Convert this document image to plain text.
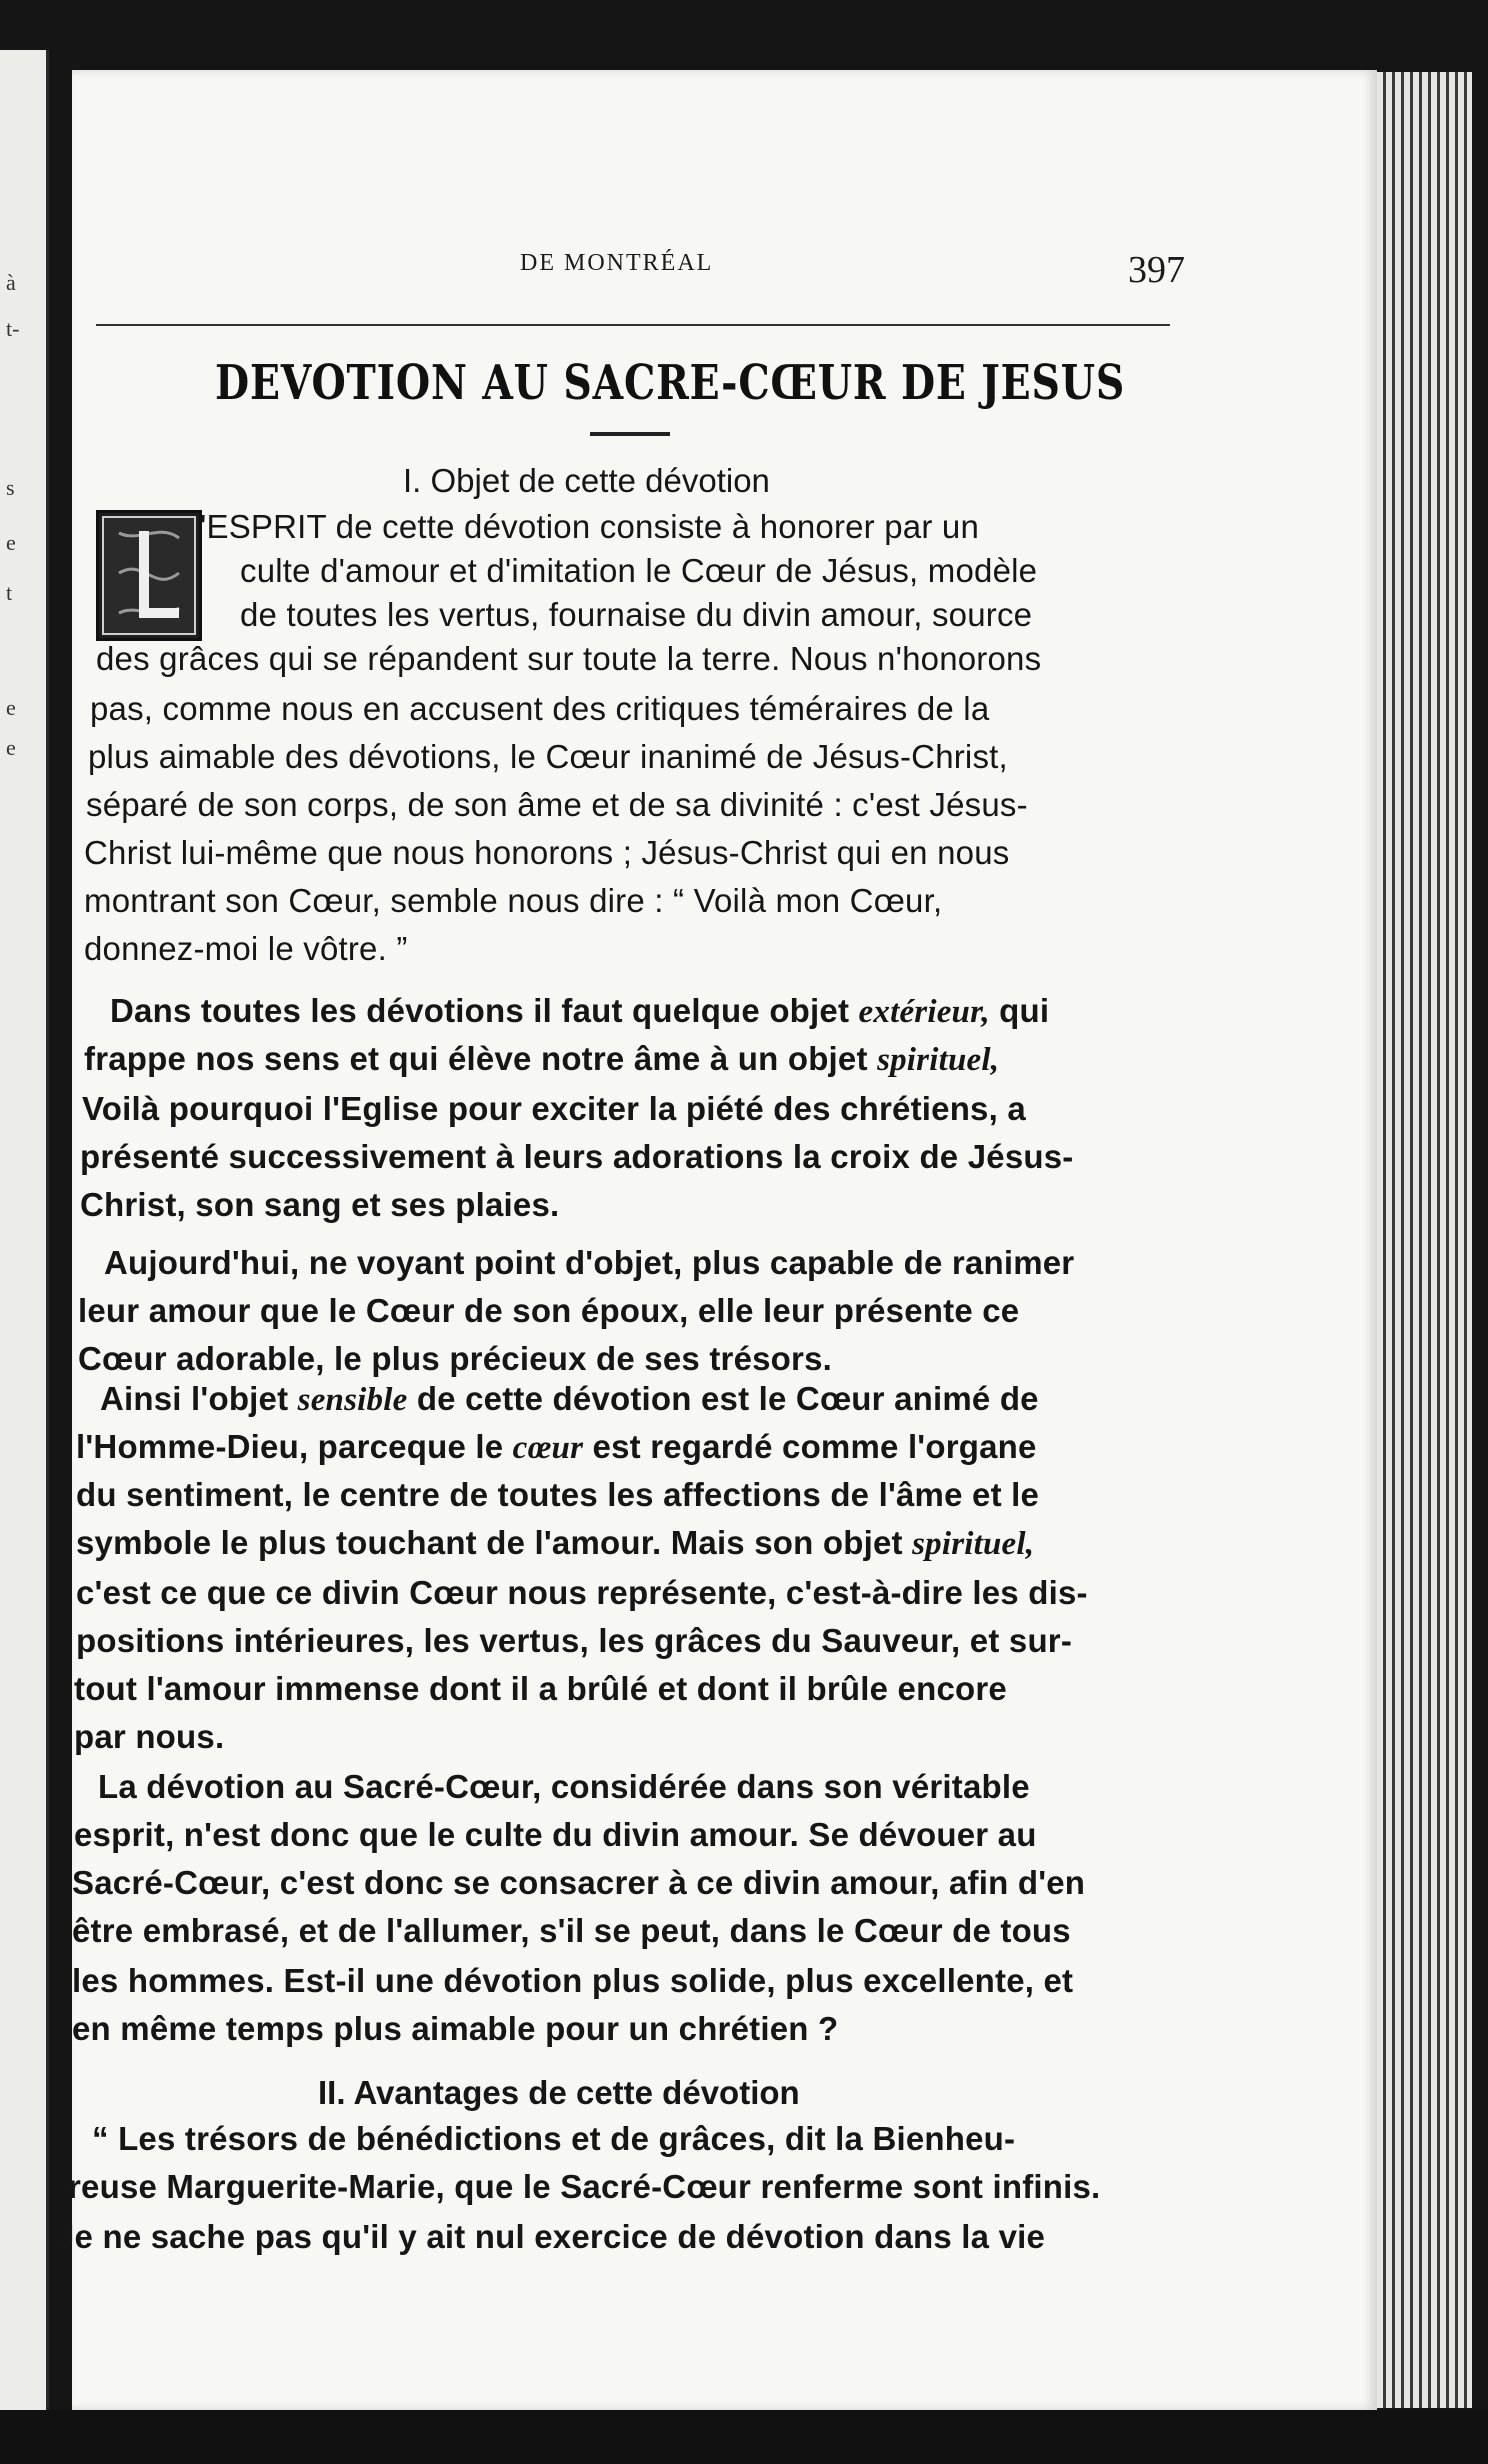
à
t-
s
e
t
e
e
DE MONTRÉAL	397
DEVOTION AU SACRE-CŒUR DE JESUS
I. Objet de cette dévotion
'ESPRIT de cette dévotion consiste à honorer par un
culte d'amour et d'imitation le Cœur de Jésus, modèle
de toutes les vertus, fournaise du divin amour, source
des grâces qui se répandent sur toute la terre. Nous n'honorons
pas, comme nous en accusent des critiques téméraires de la
plus aimable des dévotions, le Cœur inanimé de Jésus-Christ,
séparé de son corps, de son âme et de sa divinité : c'est Jésus-
Christ lui-même que nous honorons ; Jésus-Christ qui en nous
montrant son Cœur, semble nous dire : “ Voilà mon Cœur,
donnez-moi le vôtre. ”
Dans toutes les dévotions il faut quelque objet extérieur, qui
frappe nos sens et qui élève notre âme à un objet spirituel,
Voilà pourquoi l'Eglise pour exciter la piété des chrétiens, a
présenté successivement à leurs adorations la croix de Jésus-
Christ, son sang et ses plaies.
Aujourd'hui, ne voyant point d'objet, plus capable de ranimer
leur amour que le Cœur de son époux, elle leur présente ce
Cœur adorable, le plus précieux de ses trésors.
Ainsi l'objet sensible de cette dévotion est le Cœur animé de
l'Homme-Dieu, parceque le cœur est regardé comme l'organe
du sentiment, le centre de toutes les affections de l'âme et le
symbole le plus touchant de l'amour. Mais son objet spirituel,
c'est ce que ce divin Cœur nous représente, c'est-à-dire les dis-
positions intérieures, les vertus, les grâces du Sauveur, et sur-
tout l'amour immense dont il a brûlé et dont il brûle encore
par nous.
La dévotion au Sacré-Cœur, considérée dans son véritable
esprit, n'est donc que le culte du divin amour. Se dévouer au
Sacré-Cœur, c'est donc se consacrer à ce divin amour, afin d'en
être embrasé, et de l'allumer, s'il se peut, dans le Cœur de tous
les hommes. Est-il une dévotion plus solide, plus excellente, et
en même temps plus aimable pour un chrétien ?
II. Avantages de cette dévotion
“ Les trésors de bénédictions et de grâces, dit la Bienheu-
reuse Marguerite-Marie, que le Sacré-Cœur renferme sont infinis.
Je ne sache pas qu'il y ait nul exercice de dévotion dans la vie
